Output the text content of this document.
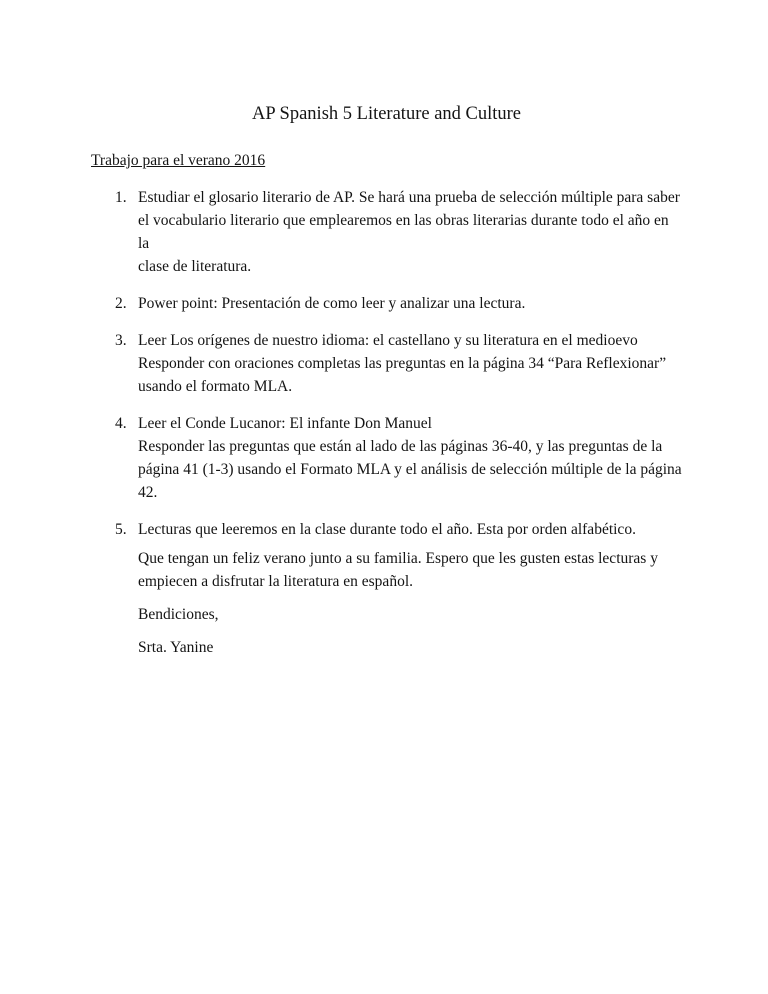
AP Spanish 5 Literature and Culture

Trabajo para el verano 2016

1. Estudiar el glosario literario de AP. Se hará una prueba de selección múltiple para saber
el vocabulario literario que emplearemos en las obras literarias durante todo el año en la
clase de literatura.
2. Power point: Presentación de como leer y analizar una lectura.
3. Leer Los orígenes de nuestro idioma: el castellano y su literatura en el medioevo
Responder con oraciones completas las preguntas en la página 34 “Para Reflexionar”
usando el formato MLA.
4. Leer el Conde Lucanor: El infante Don Manuel
Responder las preguntas que están al lado de las páginas 36-40, y las preguntas de la
página 41 (1-3) usando el Formato MLA y el análisis de selección múltiple de la página
42.
5. Lecturas que leeremos en la clase durante todo el año. Esta por orden alfabético.
Que tengan un feliz verano junto a su familia. Espero que les gusten estas lecturas y
empiecen a disfrutar la literatura en español.
Bendiciones,
Srta. Yanine
